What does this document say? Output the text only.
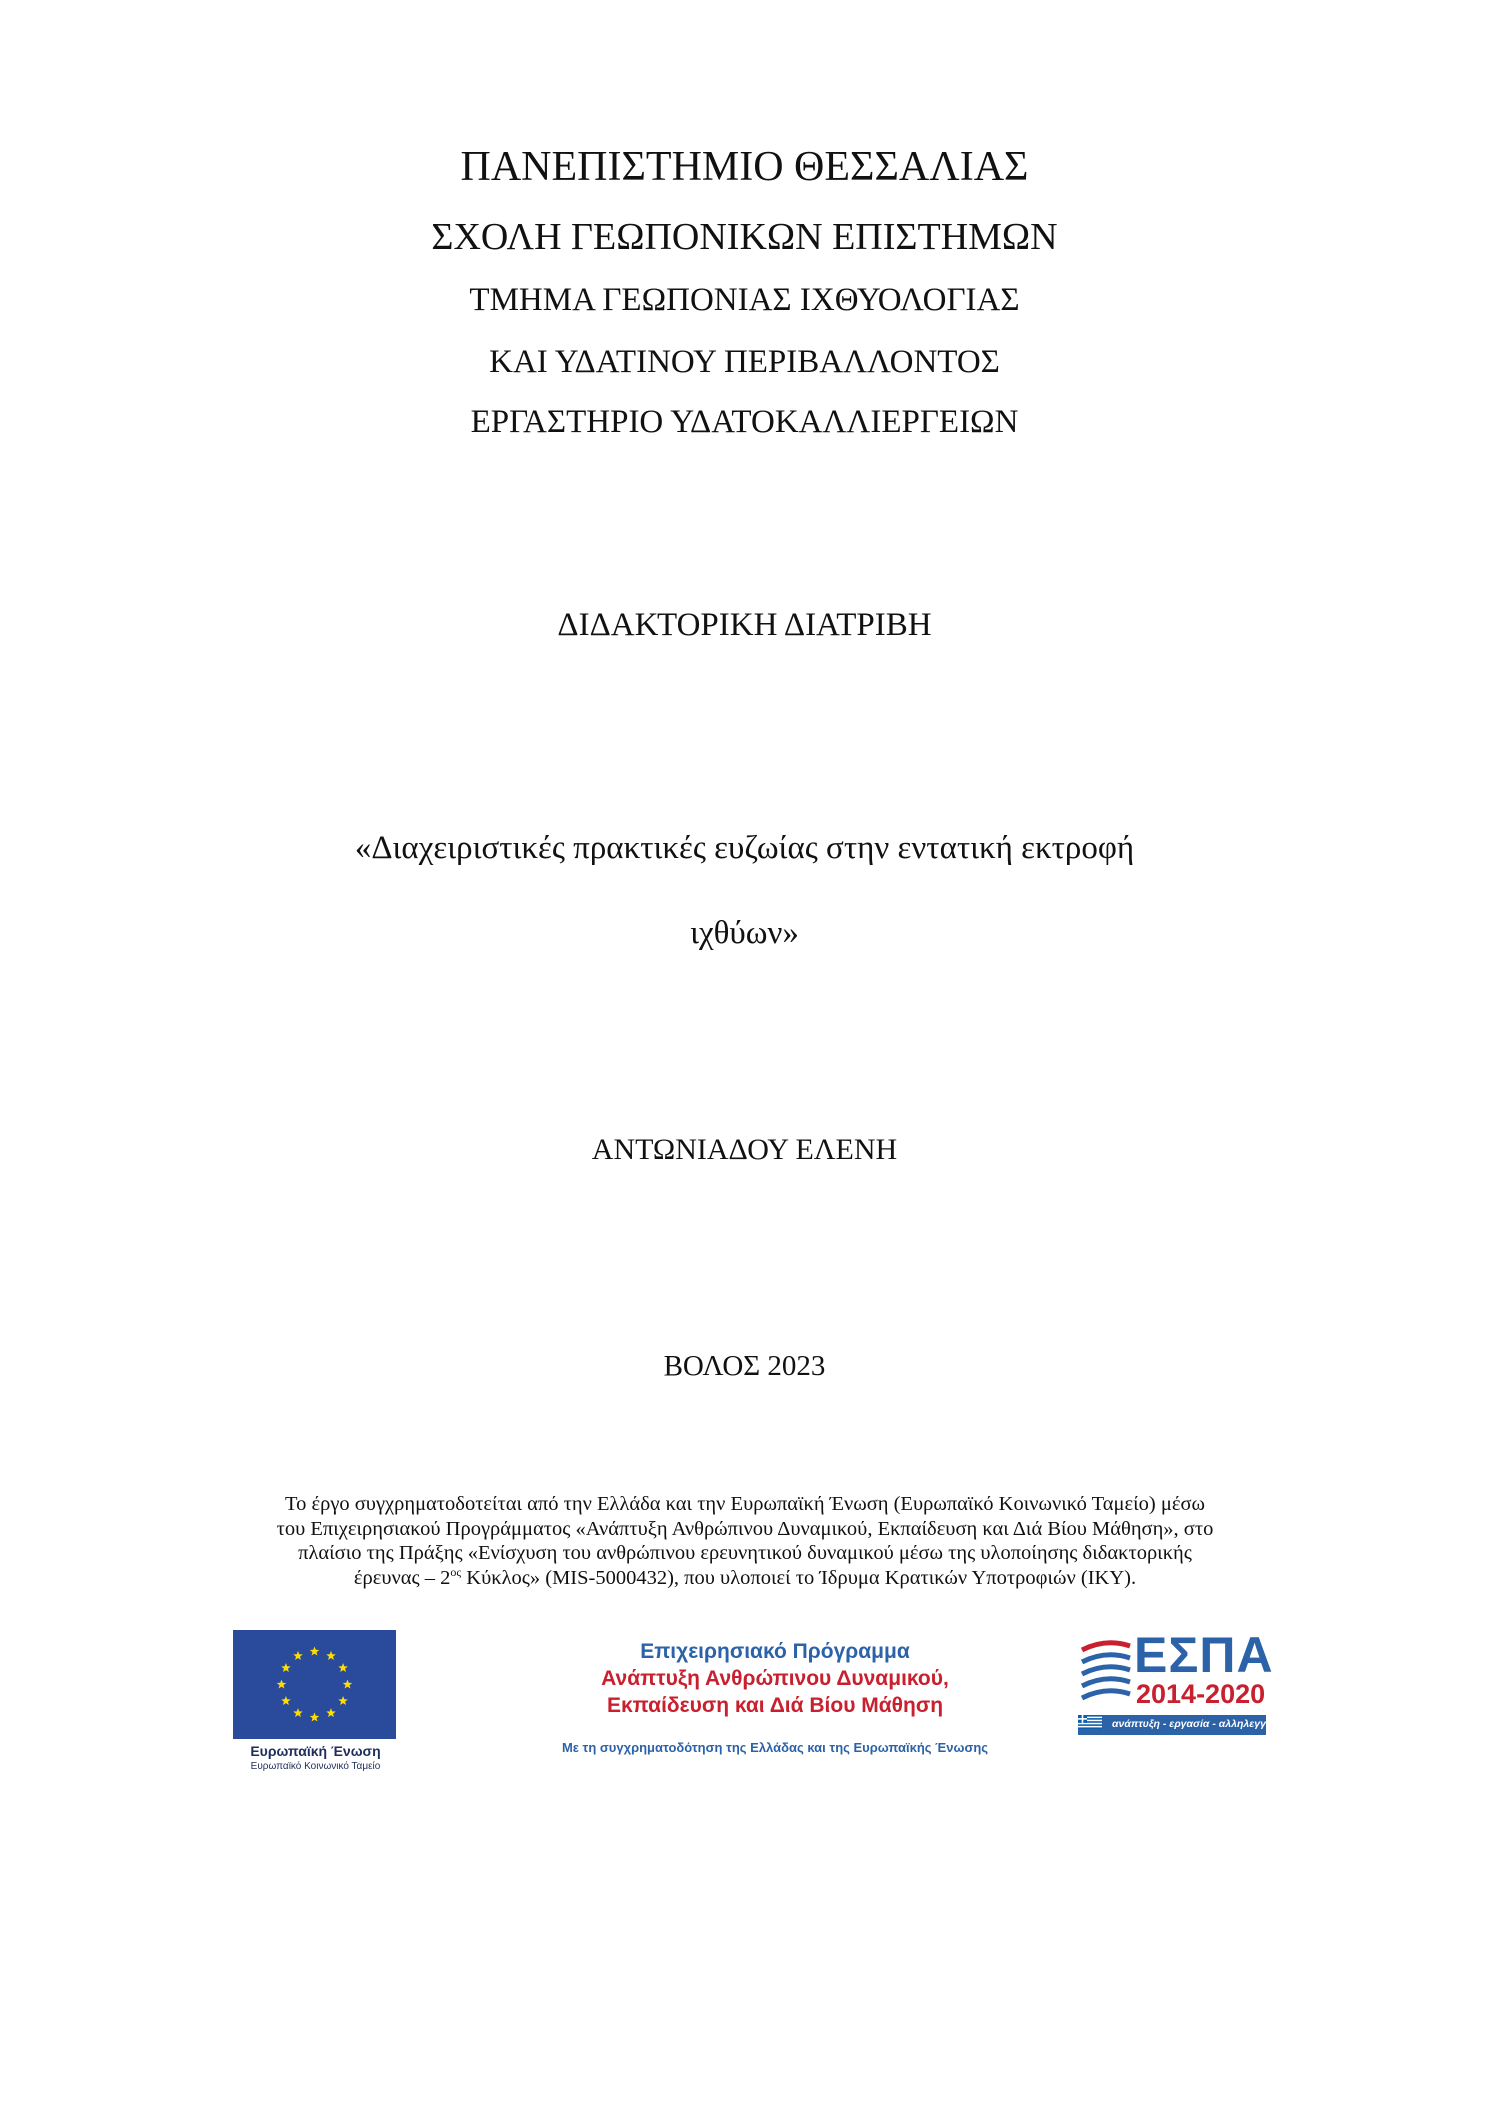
ΠΑΝΕΠΙΣΤΗΜΙΟ ΘΕΣΣΑΛΙΑΣ
ΣΧΟΛΗ ΓΕΩΠΟΝΙΚΩΝ ΕΠΙΣΤΗΜΩΝ
ΤΜΗΜΑ ΓΕΩΠΟΝΙΑΣ ΙΧΘΥΟΛΟΓΙΑΣ
ΚΑΙ ΥΔΑΤΙΝΟΥ ΠΕΡΙΒΑΛΛΟΝΤΟΣ
ΕΡΓΑΣΤΗΡΙΟ ΥΔΑΤΟΚΑΛΛΙΕΡΓΕΙΩΝ
ΔΙΔΑΚΤΟΡΙΚΗ ΔΙΑΤΡΙΒΗ
«Διαχειριστικές πρακτικές ευζωίας στην εντατική εκτροφή
ιχθύων»
ΑΝΤΩΝΙΑΔΟΥ ΕΛΕΝΗ
ΒΟΛΟΣ 2023
Το έργο συγχρηματοδοτείται από την Ελλάδα και την Ευρωπαϊκή Ένωση (Ευρωπαϊκό Κοινωνικό Ταμείο) μέσω
του Επιχειρησιακού Προγράμματος «Ανάπτυξη Ανθρώπινου Δυναμικού, Εκπαίδευση και Διά Βίου Μάθηση», στο
πλαίσιο της Πράξης «Ενίσχυση του ανθρώπινου ερευνητικού δυναμικού μέσω της υλοποίησης διδακτορικής
έρευνας – $2^{o\varsigma}$ Κύκλος» (MIS-5000432), που υλοποιεί το Ίδρυμα Κρατικών Υποτροφιών (ΙΚΥ).
Ευρωπαϊκή Ένωση
Ευρωπαϊκό Κοινωνικό Ταμείο
Επιχειρησιακό Πρόγραμμα
Ανάπτυξη Ανθρώπινου Δυναμικού,
Εκπαίδευση και Διά Βίου Μάθηση
Με τη συγχρηματοδότηση της Ελλάδας και της Ευρωπαϊκής Ένωσης
ΕΣΠΑ
2014-2020
ανάπτυξη - εργασία - αλληλεγγύη
